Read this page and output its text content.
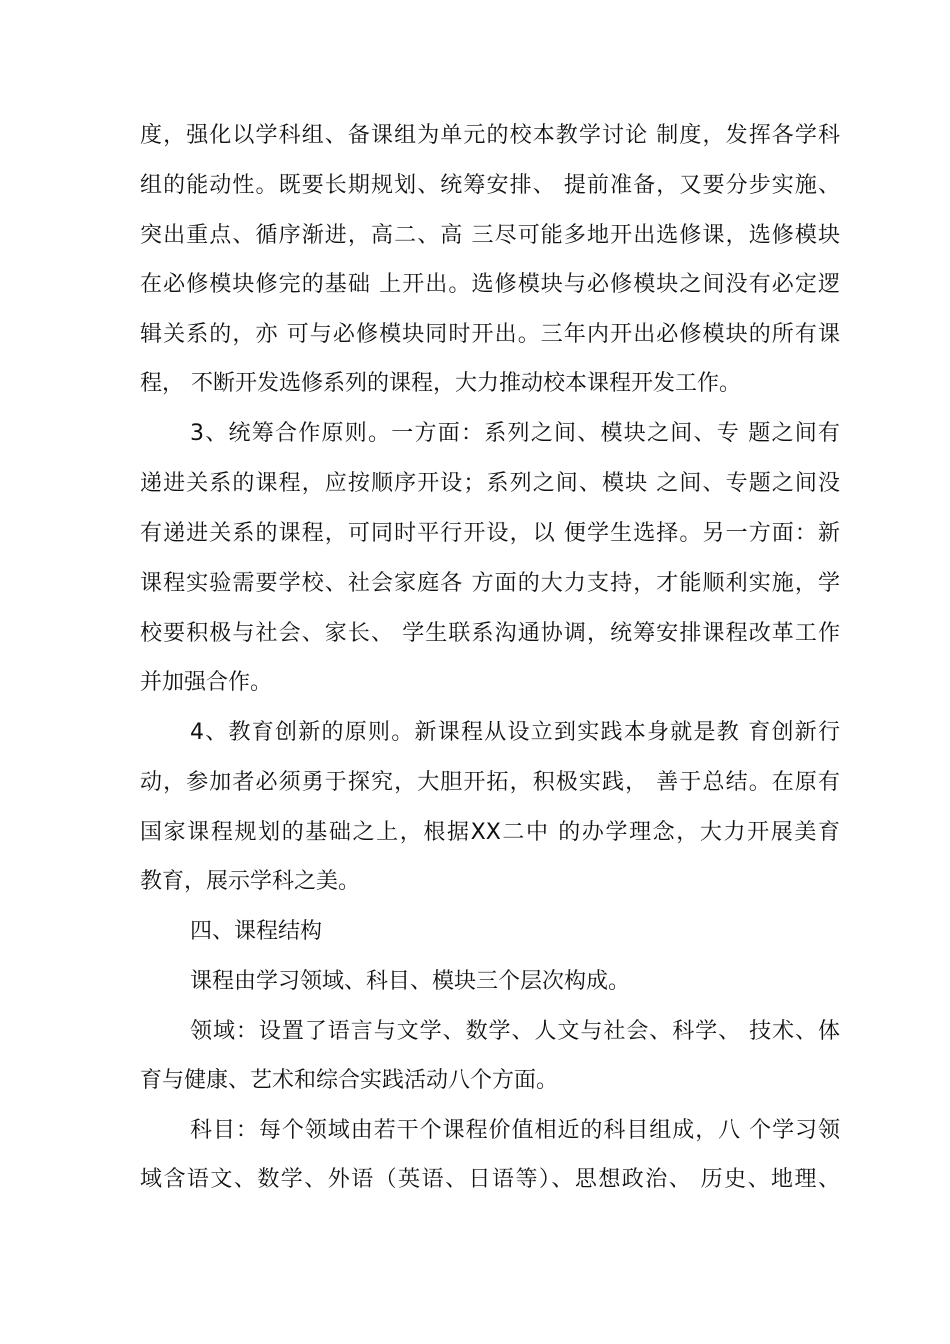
度，强化以学科组、备课组为单元的校本教学讨论 制度，发挥各学科
组的能动性。既要长期规划、统筹安排、 提前准备，又要分步实施、
突出重点、循序渐进，高二、高 三尽可能多地开出选修课，选修模块
在必修模块修完的基础 上开出。选修模块与必修模块之间没有必定逻
辑关系的，亦 可与必修模块同时开出。三年内开出必修模块的所有课
程， 不断开发选修系列的课程，大力推动校本课程开发工作。
3、统筹合作原则。一方面：系列之间、模块之间、专 题之间有
递进关系的课程，应按顺序开设；系列之间、模块 之间、专题之间没
有递进关系的课程，可同时平行开设，以 便学生选择。另一方面：新
课程实验需要学校、社会家庭各 方面的大力支持，才能顺利实施，学
校要积极与社会、家长、 学生联系沟通协调，统筹安排课程改革工作
并加强合作。
4、教育创新的原则。新课程从设立到实践本身就是教 育创新行
动，参加者必须勇于探究，大胆开拓，积极实践， 善于总结。在原有
国家课程规划的基础之上，根据XX二中 的办学理念，大力开展美育
教育，展示学科之美。
四、课程结构
课程由学习领域、科目、模块三个层次构成。
领域：设置了语言与文学、数学、人文与社会、科学、 技术、体
育与健康、艺术和综合实践活动八个方面。
科目：每个领域由若干个课程价值相近的科目组成，八 个学习领
域含语文、数学、外语（英语、日语等）、思想政治、 历史、地理、
